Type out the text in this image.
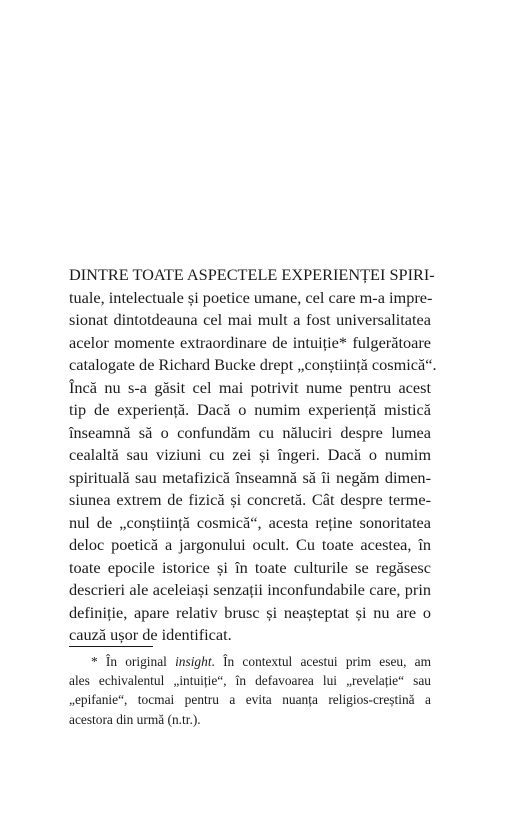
DINTRE TOATE ASPECTELE EXPERIENȚEI SPIRI-
tuale, intelectuale și poetice umane, cel care m-a impre-
sionat dintotdeauna cel mai mult a fost universalitatea
acelor momente extraordinare de intuiție* fulgerătoare
catalogate de Richard Bucke drept „conștiință cosmică“.
Încă nu s-a găsit cel mai potrivit nume pentru acest
tip de experiență. Dacă o numim experiență mistică
înseamnă să o confundăm cu năluciri despre lumea
cealaltă sau viziuni cu zei și îngeri. Dacă o numim
spirituală sau metafizică înseamnă să îi negăm dimen-
siunea extrem de fizică și concretă. Cât despre terme-
nul de „conștiință cosmică“, acesta reține sonoritatea
deloc poetică a jargonului ocult. Cu toate acestea, în
toate epocile istorice și în toate culturile se regăsesc
descrieri ale aceleiași senzații inconfundabile care, prin
definiție, apare relativ brusc și neașteptat și nu are o
cauză ușor de identificat.
* În original insight. În contextul acestui prim eseu, am
ales echivalentul „intuiție“, în defavoarea lui „revelație“ sau
„epifanie“, tocmai pentru a evita nuanța religios-creștină a
acestora din urmă (n.tr.).
